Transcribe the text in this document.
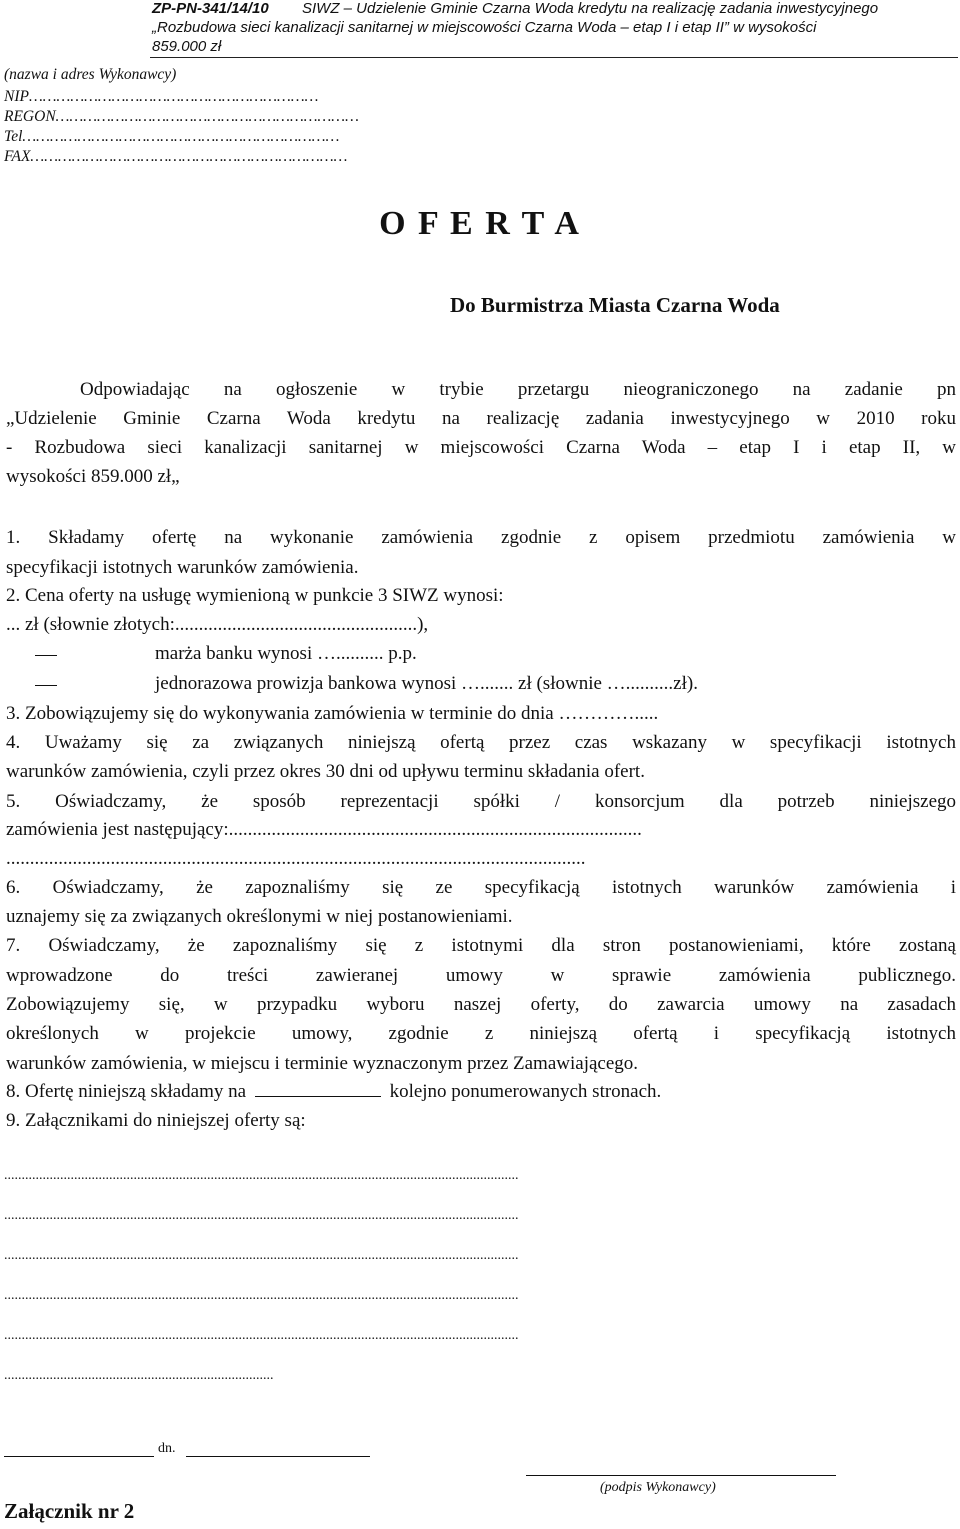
ZP-PN-341/14/10 SIWZ – Udzielenie Gminie Czarna Woda kredytu na realizację zadania inwestycyjnego
„Rozbudowa sieci kanalizacji sanitarnej w miejscowości Czarna Woda – etap I i etap II” w wysokości
859.000 zł
(nazwa i adres Wykonawcy)
NIP………………………………………………………
REGON…………………………………………………………
Tel……………………………………………………………
FAX……………………………………………………………
O F E R T A
Do Burmistrza Miasta Czarna Woda
Odpowiadając na ogłoszenie w trybie przetargu nieograniczonego na zadanie pn
„Udzielenie Gminie Czarna Woda kredytu na realizację zadania inwestycyjnego w 2010 roku
- Rozbudowa sieci kanalizacji sanitarnej w miejscowości Czarna Woda – etap I i etap II, w
wysokości 859.000 zł„
1. Składamy ofertę na wykonanie zamówienia zgodnie z opisem przedmiotu zamówienia w
specyfikacji istotnych warunków zamówienia.
2. Cena oferty na usługę wymienioną w punkcie 3 SIWZ wynosi:
... zł (słownie złotych:...................................................),
marża banku wynosi ….......... p.p.
jednorazowa prowizja bankowa wynosi …....... zł (słownie …..........zł).
3. Zobowiązujemy się do wykonywania zamówienia w terminie do dnia ………….....
4. Uważamy się za związanych niniejszą ofertą przez czas wskazany w specyfikacji istotnych
warunków zamówienia, czyli przez okres 30 dni od upływu terminu składania ofert.
5. Oświadczamy, że sposób reprezentacji spółki / konsorcjum dla potrzeb niniejszego
zamówienia jest następujący:.......................................................................................
..........................................................................................................................
6. Oświadczamy, że zapoznaliśmy się ze specyfikacją istotnych warunków zamówienia i
uznajemy się za związanych określonymi w niej postanowieniami.
7. Oświadczamy, że zapoznaliśmy się z istotnymi dla stron postanowieniami, które zostaną
wprowadzone do treści zawieranej umowy w sprawie zamówienia publicznego.
Zobowiązujemy się, w przypadku wyboru naszej oferty, do zawarcia umowy na zasadach
określonych w projekcie umowy, zgodnie z niniejszą ofertą i specyfikacją istotnych
warunków zamówienia, w miejscu i terminie wyznaczonym przez Zamawiającego.
8. Ofertę niniejszą składamy na	kolejno ponumerowanych stronach.
9. Załącznikami do niniejszej oferty są:
...................................................................................................................................................
...................................................................................................................................................
...................................................................................................................................................
...................................................................................................................................................
...................................................................................................................................................
.............................................................................
dn.
(podpis Wykonawcy)
Załącznik nr 2
